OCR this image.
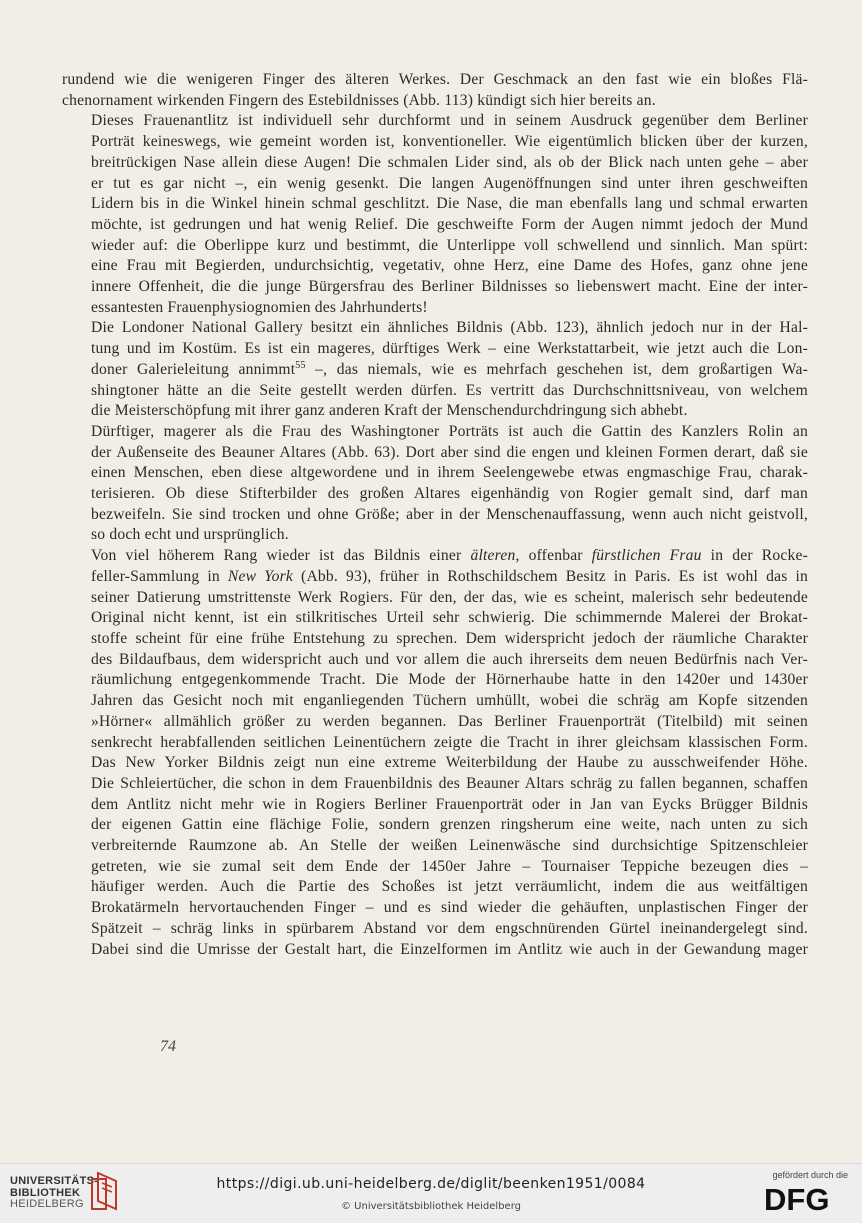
rundend wie die wenigeren Finger des älteren Werkes. Der Geschmack an den fast wie ein bloßes Flä-
chenornament wirkenden Fingern des Estebildnisses (Abb. 113) kündigt sich hier bereits an.
Dieses Frauenantlitz ist individuell sehr durchformt und in seinem Ausdruck gegenüber dem Berliner
Porträt keineswegs, wie gemeint worden ist, konventioneller. Wie eigentümlich blicken über der kurzen,
breitrückigen Nase allein diese Augen! Die schmalen Lider sind, als ob der Blick nach unten gehe – aber
er tut es gar nicht –, ein wenig gesenkt. Die langen Augenöffnungen sind unter ihren geschweiften
Lidern bis in die Winkel hinein schmal geschlitzt. Die Nase, die man ebenfalls lang und schmal erwarten
möchte, ist gedrungen und hat wenig Relief. Die geschweifte Form der Augen nimmt jedoch der Mund
wieder auf: die Oberlippe kurz und bestimmt, die Unterlippe voll schwellend und sinnlich. Man spürt:
eine Frau mit Begierden, undurchsichtig, vegetativ, ohne Herz, eine Dame des Hofes, ganz ohne jene
innere Offenheit, die die junge Bürgersfrau des Berliner Bildnisses so liebenswert macht. Eine der inter-
essantesten Frauenphysiognomien des Jahrhunderts!
Die Londoner National Gallery besitzt ein ähnliches Bildnis (Abb. 123), ähnlich jedoch nur in der Hal-
tung und im Kostüm. Es ist ein mageres, dürftiges Werk – eine Werkstattarbeit, wie jetzt auch die Lon-
doner Galerieleitung annimmt$^{55}$ –, das niemals, wie es mehrfach geschehen ist, dem großartigen Wa-
shingtoner hätte an die Seite gestellt werden dürfen. Es vertritt das Durchschnittsniveau, von welchem
die Meisterschöpfung mit ihrer ganz anderen Kraft der Menschendurchdringung sich abhebt.
Dürftiger, magerer als die Frau des Washingtoner Porträts ist auch die Gattin des Kanzlers Rolin an
der Außenseite des Beauner Altares (Abb. 63). Dort aber sind die engen und kleinen Formen derart, daß sie
einen Menschen, eben diese altgewordene und in ihrem Seelengewebe etwas engmaschige Frau, charak-
terisieren. Ob diese Stifterbilder des großen Altares eigenhändig von Rogier gemalt sind, darf man
bezweifeln. Sie sind trocken und ohne Größe; aber in der Menschenauffassung, wenn auch nicht geistvoll,
so doch echt und ursprünglich.
Von viel höherem Rang wieder ist das Bildnis einer älteren, offenbar fürstlichen Frau in der Rocke-
feller-Sammlung in New York (Abb. 93), früher in Rothschildschem Besitz in Paris. Es ist wohl das in
seiner Datierung umstrittenste Werk Rogiers. Für den, der das, wie es scheint, malerisch sehr bedeutende
Original nicht kennt, ist ein stilkritisches Urteil sehr schwierig. Die schimmernde Malerei der Brokat-
stoffe scheint für eine frühe Entstehung zu sprechen. Dem widerspricht jedoch der räumliche Charakter
des Bildaufbaus, dem widerspricht auch und vor allem die auch ihrerseits dem neuen Bedürfnis nach Ver-
räumlichung entgegenkommende Tracht. Die Mode der Hörnerhaube hatte in den 1420er und 1430er
Jahren das Gesicht noch mit enganliegenden Tüchern umhüllt, wobei die schräg am Kopfe sitzenden
»Hörner« allmählich größer zu werden begannen. Das Berliner Frauenporträt (Titelbild) mit seinen
senkrecht herabfallenden seitlichen Leinentüchern zeigte die Tracht in ihrer gleichsam klassischen Form.
Das New Yorker Bildnis zeigt nun eine extreme Weiterbildung der Haube zu ausschweifender Höhe.
Die Schleiertücher, die schon in dem Frauenbildnis des Beauner Altars schräg zu fallen begannen, schaffen
dem Antlitz nicht mehr wie in Rogiers Berliner Frauenporträt oder in Jan van Eycks Brügger Bildnis
der eigenen Gattin eine flächige Folie, sondern grenzen ringsherum eine weite, nach unten zu sich
verbreiternde Raumzone ab. An Stelle der weißen Leinenwäsche sind durchsichtige Spitzenschleier
getreten, wie sie zumal seit dem Ende der 1450er Jahre – Tournaiser Teppiche bezeugen dies –
häufiger werden. Auch die Partie des Schoßes ist jetzt verräumlicht, indem die aus weitfältigen
Brokatärmeln hervortauchenden Finger – und es sind wieder die gehäuften, unplastischen Finger der
Spätzeit – schräg links in spürbarem Abstand vor dem engschnürenden Gürtel ineinandergelegt sind.
Dabei sind die Umrisse der Gestalt hart, die Einzelformen im Antlitz wie auch in der Gewandung mager
74
UNIVERSITÄTS-
BIBLIOTHEK
HEIDELBERG
https://digi.ub.uni-heidelberg.de/diglit/beenken1951/0084
© Universitätsbibliothek Heidelberg
gefördert durch die
DFG
